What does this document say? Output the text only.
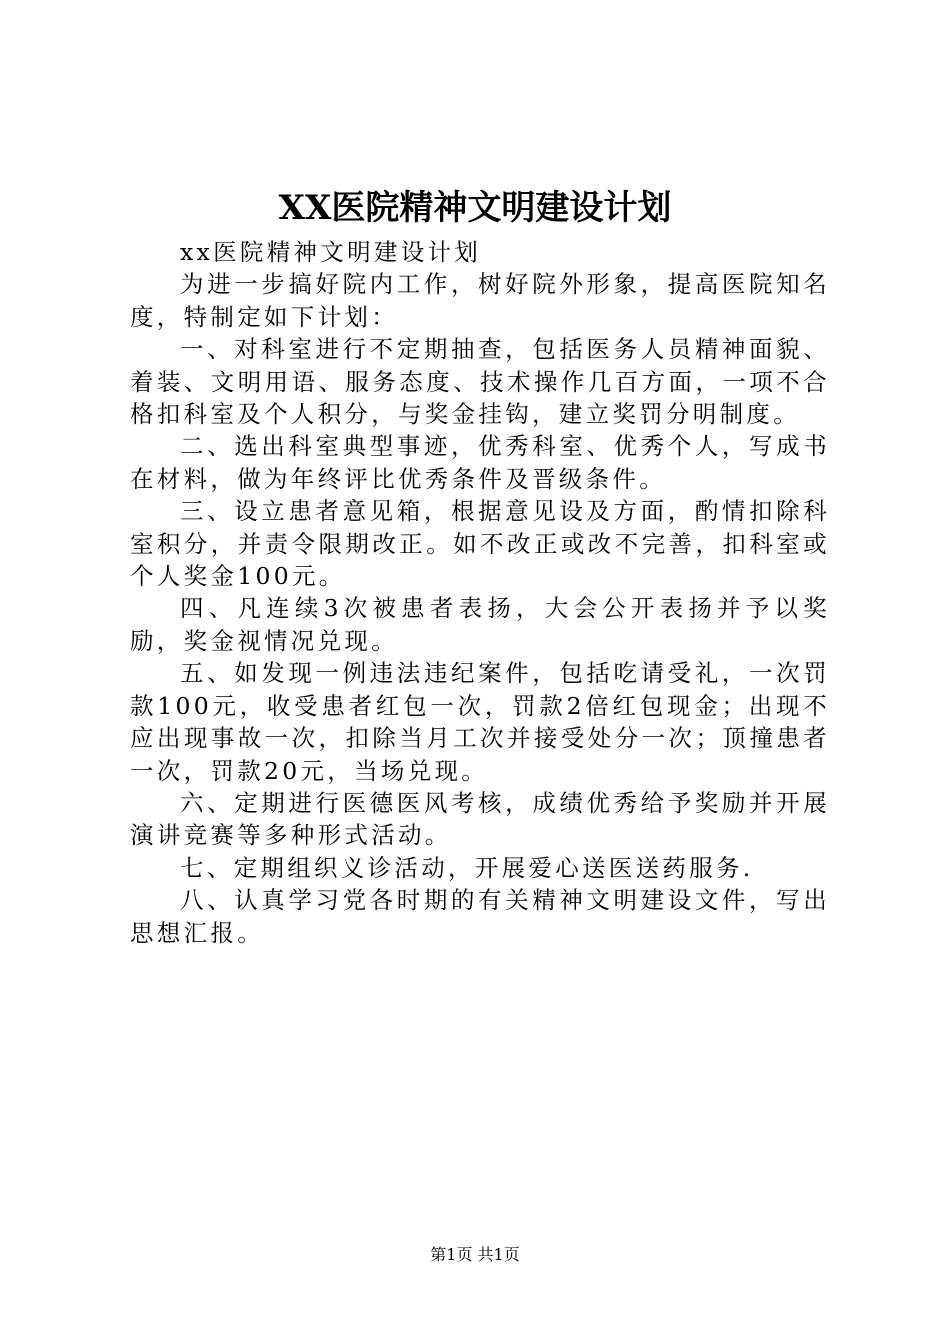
XX医院精神文明建设计划

xx医院精神文明建设计划

为进一步搞好院内工作，树好院外形象，提高医院知名度，特制定如下计划：

一、对科室进行不定期抽查，包括医务人员精神面貌、着装、文明用语、服务态度、技术操作几百方面，一项不合格扣科室及个人积分，与奖金挂钩，建立奖罚分明制度。

二、选出科室典型事迹，优秀科室、优秀个人，写成书在材料，做为年终评比优秀条件及晋级条件。

三、设立患者意见箱，根据意见设及方面，酌情扣除科室积分，并责令限期改正。如不改正或改不完善，扣科室或个人奖金100元。

四、凡连续3次被患者表扬，大会公开表扬并予以奖励，奖金视情况兑现。

五、如发现一例违法违纪案件，包括吃请受礼，一次罚款100元，收受患者红包一次，罚款2倍红包现金；出现不应出现事故一次，扣除当月工次并接受处分一次；顶撞患者一次，罚款20元，当场兑现。

六、定期进行医德医风考核，成绩优秀给予奖励并开展演讲竞赛等多种形式活动。

七、定期组织义诊活动，开展爱心送医送药服务.

八、认真学习党各时期的有关精神文明建设文件，写出思想汇报。

第1页 共1页
